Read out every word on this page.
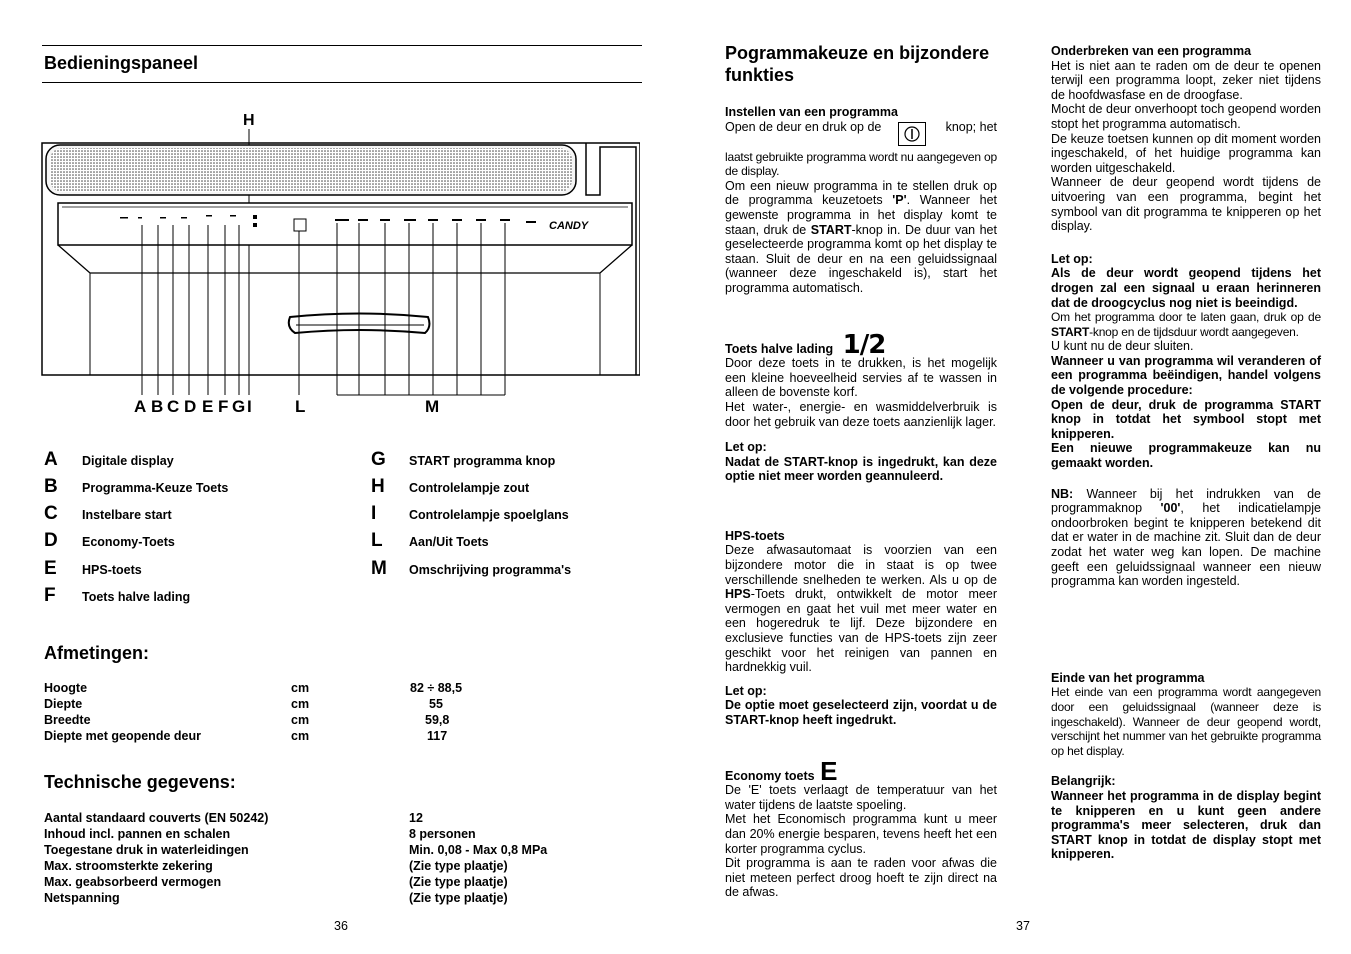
Bedieningspaneel
H
CANDY
A B C D E F G I	L	M
A Digitale display
B Programma-Keuze Toets
C Instelbare start
D Economy-Toets
E HPS-toets
F Toets halve lading
G START programma knop
H Controlelampje zout
I	Controlelampje spoelglans
L Aan/Uit Toets
M Omschrijving programma's
Afmetingen:
Hoogte	cm	82 ÷ 88,5
Diepte	cm	55
Breedte	cm	59,8
Diepte met geopende deur	cm	117
Technische gegevens:
Aantal standaard couverts (EN 50242)	12
Inhoud incl. pannen en schalen	8 personen
Toegestane druk in waterleidingen	Min. 0,08 - Max 0,8 MPa
Max. stroomsterkte zekering	(Zie type plaatje)
Max. geabsorbeerd vermogen	(Zie type plaatje)
Netspanning	(Zie type plaatje)
36
Pogrammakeuze en bijzondere funkties

Instellen van een programma

Open de deur en druk op de	knop; het

laatst gebruikte programma wordt nu aangegeven op de display.

Om een nieuw programma in te stellen druk op de programma keuzetoets 'P'. Wanneer het gewenste programma in het display komt te staan, druk de START-knop in. De duur van het geselecteerde programma komt op het display te staan. Sluit de deur en na een geluidssignaal (wanneer deze ingeschakeld is), start het programma automatisch.

Toets halve lading 1/2

Door deze toets in te drukken, is het mogelijk een kleine hoeveelheid servies af te wassen in alleen de bovenste korf.

Het water-, energie- en wasmiddelverbruik is door het gebruik van deze toets aanzienlijk lager.

Let op:

Nadat de START-knop is ingedrukt, kan deze optie niet meer worden geannuleerd.

HPS-toets

Deze afwasautomaat is voorzien van een bijzondere motor die in staat is op twee verschillende snelheden te werken. Als u op de HPS-Toets drukt, ontwikkelt de motor meer vermogen en gaat het vuil met meer water en een hogeredruk te lijf. Deze bijzondere en exclusieve functies van de HPS-toets zijn zeer geschikt voor het reinigen van pannen en hardnekkig vuil.

Let op:

De optie moet geselecteerd zijn, voordat u de START-knop heeft ingedrukt.

Economy toets E

De 'E' toets verlaagt de temperatuur van het water tijdens de laatste spoeling.

Met het Economisch programma kunt u meer dan 20% energie besparen, tevens heeft het een korter programma cyclus.

Dit programma is aan te raden voor afwas die niet meteen perfect droog hoeft te zijn direct na de afwas.

Onderbreken van een programma

Het is niet aan te raden om de deur te openen terwijl een programma loopt, zeker niet tijdens de hoofdwasfase en de droogfase.

Mocht de deur onverhoopt toch geopend worden stopt het programma automatisch.

De keuze toetsen kunnen op dit moment worden ingeschakeld, of het huidige programma kan worden uitgeschakeld.

Wanneer de deur geopend wordt tijdens de uitvoering van een programma, begint het symbool van dit programma te knipperen op het display.

Let op:

Als de deur wordt geopend tijdens het drogen zal een signaal u eraan herinneren dat de droogcyclus nog niet is beeindigd.

Om het programma door te laten gaan, druk op de START-knop en de tijdsduur wordt aangegeven.

U kunt nu de deur sluiten.

Wanneer u van programma wil veranderen of een programma beëindigen, handel volgens de volgende procedure:

Open de deur, druk de programma START knop in totdat het symbool stopt met knipperen.

Een nieuwe programmakeuze kan nu gemaakt worden.

NB: Wanneer bij het indrukken van de programmaknop '00', het indicatielampje ondoorbroken begint te knipperen betekend dit dat er water in de machine zit. Sluit dan de deur zodat het water weg kan lopen. De machine geeft een geluidssignaal wanneer een nieuw programma kan worden ingesteld.

Einde van het programma

Het einde van een programma wordt aangegeven door een geluidssignaal (wanneer deze is ingeschakeld). Wanneer de deur geopend wordt, verschijnt het nummer van het gebruikte programma op het display.

Belangrijk:

Wanneer het programma in de display begint te knipperen en u kunt geen andere programma's meer selecteren, druk dan START knop in totdat de display stopt met knipperen.

37
